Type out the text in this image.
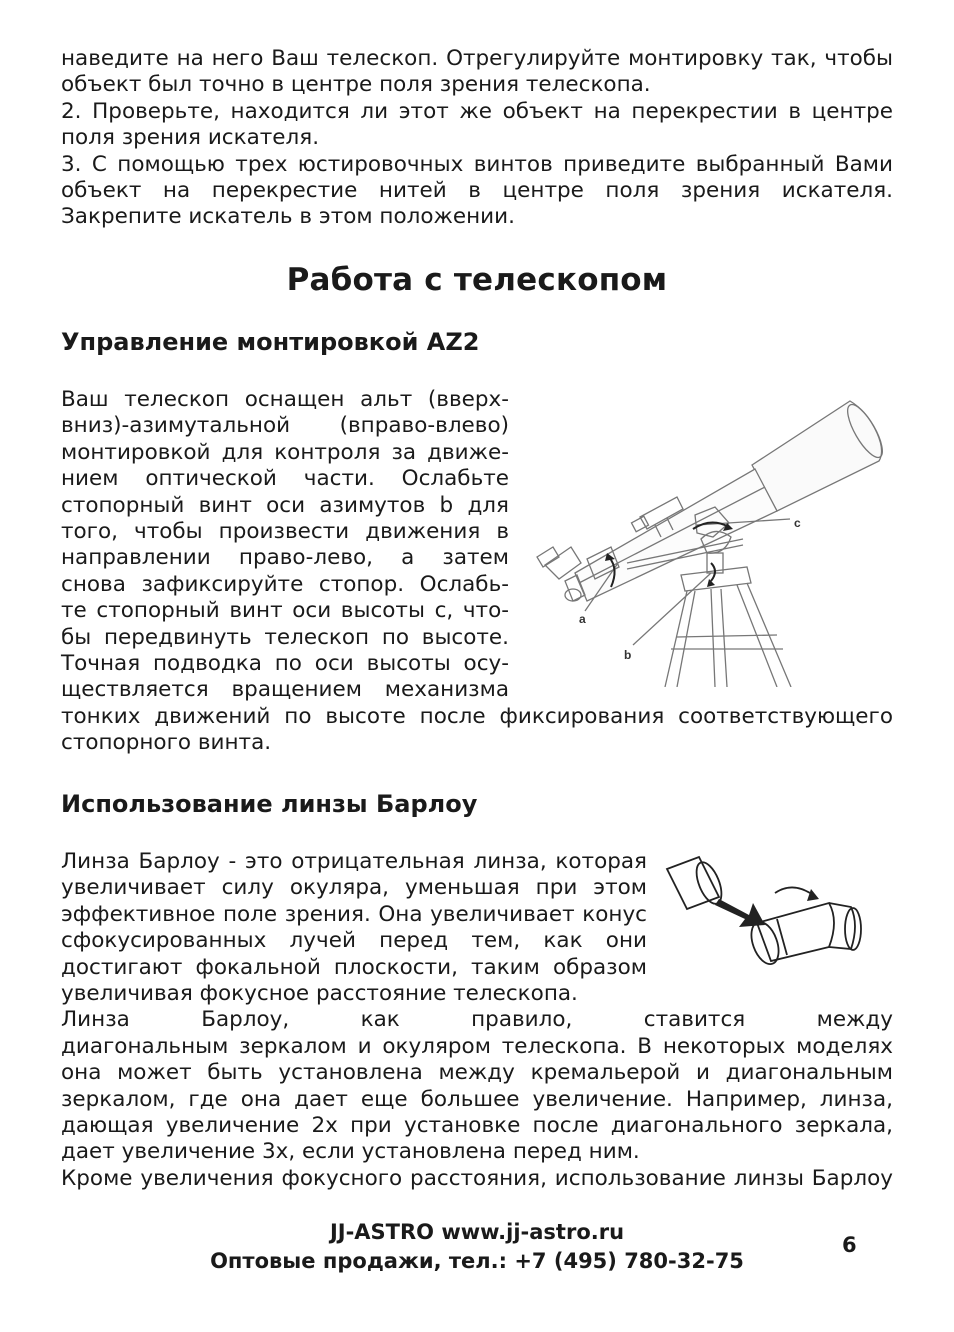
наведите на него Ваш телескоп. Отрегулируйте монтировку так, чтобы объект был точно в центре поля зрения телескопа.

2. Проверьте, находится ли этот же объект на перекрестии в центре поля зрения искателя.

3. С помощью трех юстировочных винтов приведите выбранный Вами объект на перекрестие нитей в центре поля зрения искателя. Закрепите искатель в этом положении.

Работа с телескопом
Управление монтировкой AZ2
c
a
b

Ваш телескоп оснащен альт (вверх-

вниз)-азимутальной (вправо-влево)

монтировкой для контроля за движе-

нием оптической части. Ослабьте

стопорный винт оси азимутов b для

того, чтобы произвести движения в

направлении право-лево, а затем

снова зафиксируйте стопор. Ослабь-

те стопорный винт оси высоты c, что-

бы передвинуть телескоп по высоте.

Точная подводка по оси высоты осу-

ществляется вращением механизма

тонких движений по высоте после фиксирования соответствующего стопорного винта.

Использование линзы Барлоу

Линза Барлоу - это отрицательная линза, которая

увеличивает силу окуляра, уменьшая при этом

эффективное поле зрения. Она увеличивает конус

сфокусированных лучей перед тем, как они

достигают фокальной плоскости, таким образом

увеличивая фокусное расстояние телескопа.

Линза Барлоу, как правило, ставится между

диагональным зеркалом и окуляром телескопа. В некоторых моделях она может быть установлена между кремальерой и диагональным зеркалом, где она дает еще большее увеличение. Например, линза, дающая увеличение 2х при установке после диагонального зеркала, дает увеличение 3х, если установлена перед ним.

Кроме увеличения фокусного расстояния, использование линзы Барлоу

JJ-ASTRO www.jj-astro.ru
Оптовые продажи, тел.: +7 (495) 780-32-75
6
